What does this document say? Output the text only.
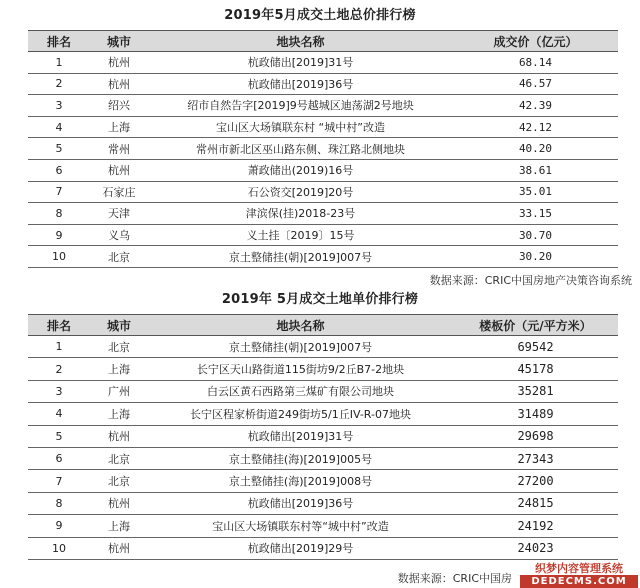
2019年5月成交土地总价排行榜
排名	城市	地块名称	成交价（亿元）
1	杭州	杭政储出[2019]31号	68.14
2	杭州	杭政储出[2019]36号	46.57
3	绍兴	绍市自然告字[2019]9号越城区迪荡湖2号地块	42.39
4	上海	宝山区大场镇联东村 “城中村”改造	42.12
5	常州	常州市新北区巫山路东侧、珠江路北侧地块	40.20
6	杭州	萧政储出(2019)16号	38.61
7	石家庄	石公资交[2019]20号	35.01
8	天津	津滨保(挂)2018-23号	33.15
9	义乌	义土挂〔2019〕15号	30.70
10	北京	京土整储挂(朝)[2019]007号	30.20
数据来源：CRIC中国房地产决策咨询系统
2019年 5月成交土地单价排行榜
排名	城市	地块名称	楼板价（元/平方米）
1	北京	京土整储挂(朝)[2019]007号	69542
2	上海	长宁区天山路街道115街坊9/2丘B7-2地块	45178
3	广州	白云区黄石西路第三煤矿有限公司地块	35281
4	上海	长宁区程家桥街道249街坊5/1丘IV-R-07地块	31489
5	杭州	杭政储出[2019]31号	29698
6	北京	京土整储挂(海)[2019]005号	27343
7	北京	京土整储挂(海)[2019]008号	27200
8	杭州	杭政储出[2019]36号	24815
9	上海	宝山区大场镇联东村等“城中村”改造	24192
10	杭州	杭政储出[2019]29号	24023
数据来源：CRIC中国房
织梦内容管理系统
DEDECMS.COM
